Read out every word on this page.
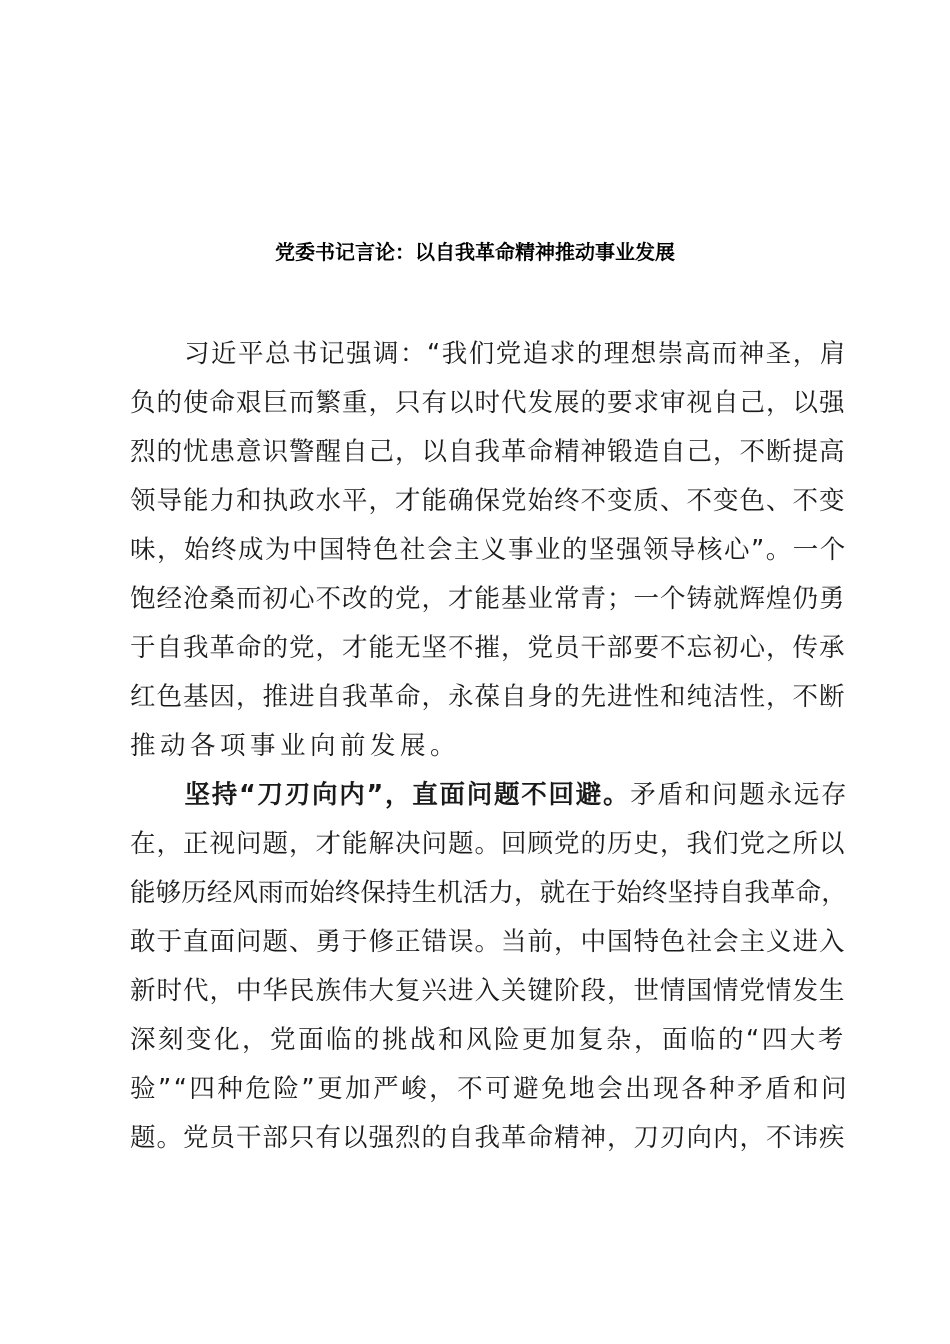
党委书记言论：以自我革命精神推动事业发展
　　习近平总书记强调：“我们党追求的理想崇高而神圣，肩
负的使命艰巨而繁重，只有以时代发展的要求审视自己，以强
烈的忧患意识警醒自己，以自我革命精神锻造自己，不断提高
领导能力和执政水平，才能确保党始终不变质、不变色、不变
味，始终成为中国特色社会主义事业的坚强领导核心”。一个
饱经沧桑而初心不改的党，才能基业常青；一个铸就辉煌仍勇
于自我革命的党，才能无坚不摧，党员干部要不忘初心，传承
红色基因，推进自我革命，永葆自身的先进性和纯洁性，不断
推动各项事业向前发展。
　　坚持“刀刃向内”，直面问题不回避。矛盾和问题永远存
在，正视问题，才能解决问题。回顾党的历史，我们党之所以
能够历经风雨而始终保持生机活力，就在于始终坚持自我革命，
敢于直面问题、勇于修正错误。当前，中国特色社会主义进入
新时代，中华民族伟大复兴进入关键阶段，世情国情党情发生
深刻变化，党面临的挑战和风险更加复杂，面临的“四大考
验”“四种危险”更加严峻，不可避免地会出现各种矛盾和问
题。党员干部只有以强烈的自我革命精神，刀刃向内，不讳疾
